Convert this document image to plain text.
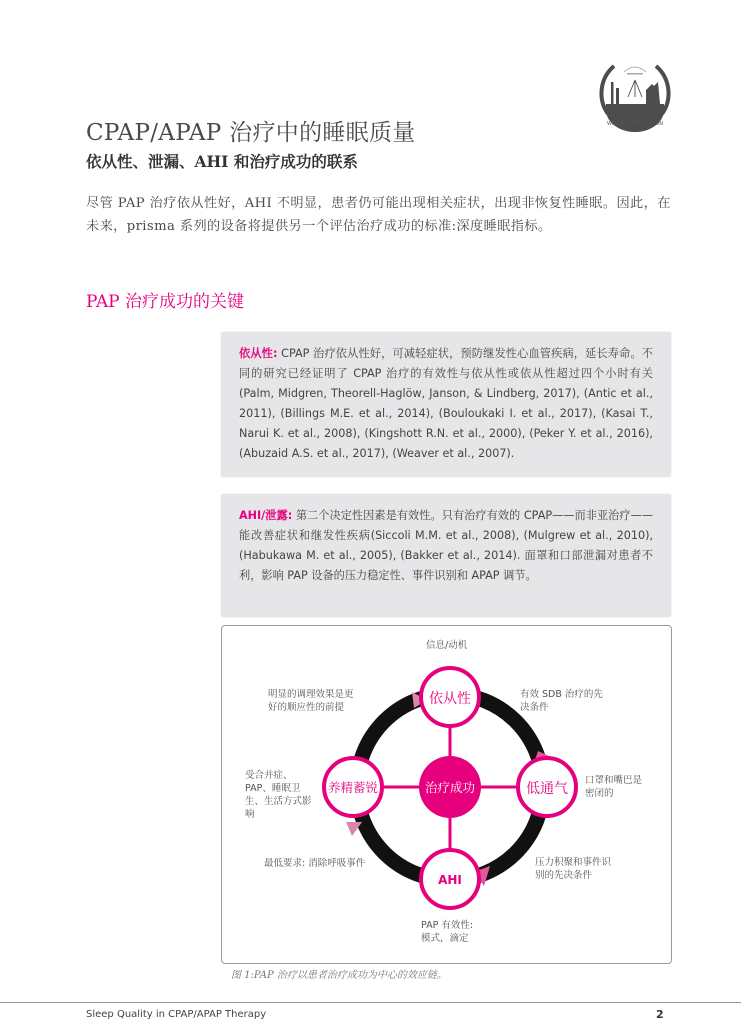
WHITE PAPER EDITION
CPAP/APAP 治疗中的睡眠质量
依从性、泄漏、AHI 和治疗成功的联系
尽管 PAP 治疗依从性好，AHI 不明显，患者仍可能出现相关症状，出现非恢复性睡眠。因此，在未来，prisma 系列的设备将提供另一个评估治疗成功的标准:深度睡眠指标。
PAP 治疗成功的关键
依从性: CPAP 治疗依从性好，可减轻症状，预防继发性心血管疾病，延长寿命。不同的研究已经证明了 CPAP 治疗的有效性与依从性或依从性超过四个小时有关 (Palm, Midgren, Theorell-Haglöw, Janson, & Lindberg, 2017), (Antic et al., 2011), (Billings M.E. et al., 2014), (Bouloukaki I. et al., 2017), (Kasai T., Narui K. et al., 2008), (Kingshott R.N. et al., 2000), (Peker Y. et al., 2016), (Abuzaid A.S. et al., 2017), (Weaver et al., 2007).
AHI/泄露: 第二个决定性因素是有效性。只有治疗有效的 CPAP——而非亚治疗——能改善症状和继发性疾病(Siccoli M.M. et al., 2008), (Mulgrew et al., 2010), (Habukawa M. et al., 2005), (Bakker et al., 2014). 面罩和口部泄漏对患者不利，影响 PAP 设备的压力稳定性、事件识别和 APAP 调节。
依从性
低通气
AHI
养精蓄锐	治疗成功
信息/动机
明显的调理效果是更好的顺应性的前提
有效 SDB 治疗的先决条件
口罩和嘴巴是密闭的
受合并症、PAP、睡眠卫生、生活方式影响
最低要求: 消除呼吸事件	压力积聚和事件识别的先决条件
PAP 有效性: 模式，滴定
图 1:PAP 治疗以患者治疗成功为中心的效应链。
Sleep Quality in CPAP/APAP Therapy	2
